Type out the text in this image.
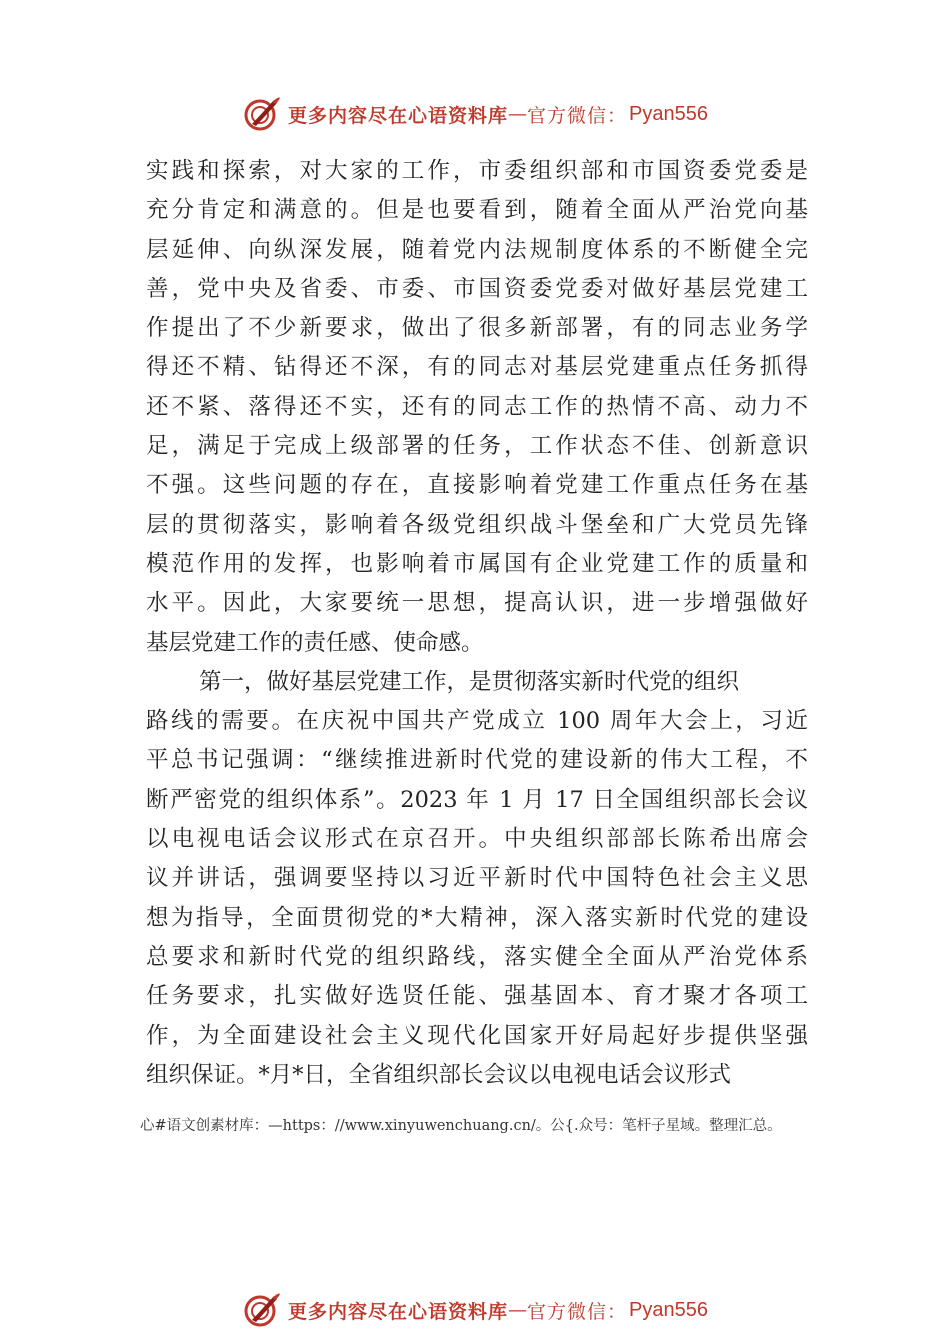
更多内容尽在心语资料库 — 官方微信： Pyan556
实践和探索，对大家的工作，市委组织部和市国资委党委是
充分肯定和满意的。但是也要看到，随着全面从严治党向基
层延伸、向纵深发展，随着党内法规制度体系的不断健全完
善，党中央及省委、市委、市国资委党委对做好基层党建工
作提出了不少新要求，做出了很多新部署，有的同志业务学
得还不精、钻得还不深，有的同志对基层党建重点任务抓得
还不紧、落得还不实，还有的同志工作的热情不高、动力不
足，满足于完成上级部署的任务，工作状态不佳、创新意识
不强。这些问题的存在，直接影响着党建工作重点任务在基
层的贯彻落实，影响着各级党组织战斗堡垒和广大党员先锋
模范作用的发挥，也影响着市属国有企业党建工作的质量和
水平。因此，大家要统一思想，提高认识，进一步增强做好
基层党建工作的责任感、使命感。
第一，做好基层党建工作，是贯彻落实新时代党的组织
路线的需要。在庆祝中国共产党成立 100 周年大会上，习近
平总书记强调：“继续推进新时代党的建设新的伟大工程，不
断严密党的组织体系”。2023 年 1 月 17 日全国组织部长会议
以电视电话会议形式在京召开。中央组织部部长陈希出席会
议并讲话，强调要坚持以习近平新时代中国特色社会主义思
想为指导，全面贯彻党的*大精神，深入落实新时代党的建设
总要求和新时代党的组织路线，落实健全全面从严治党体系
任务要求，扎实做好选贤任能、强基固本、育才聚才各项工
作，为全面建设社会主义现代化国家开好局起好步提供坚强
组织保证。*月*日，全省组织部长会议以电视电话会议形式
心#语文创素材库：—https：//www.xinyuwenchuang.cn/。公{.众号：笔杆子星域。整理汇总。
更多内容尽在心语资料库 — 官方微信： Pyan556
